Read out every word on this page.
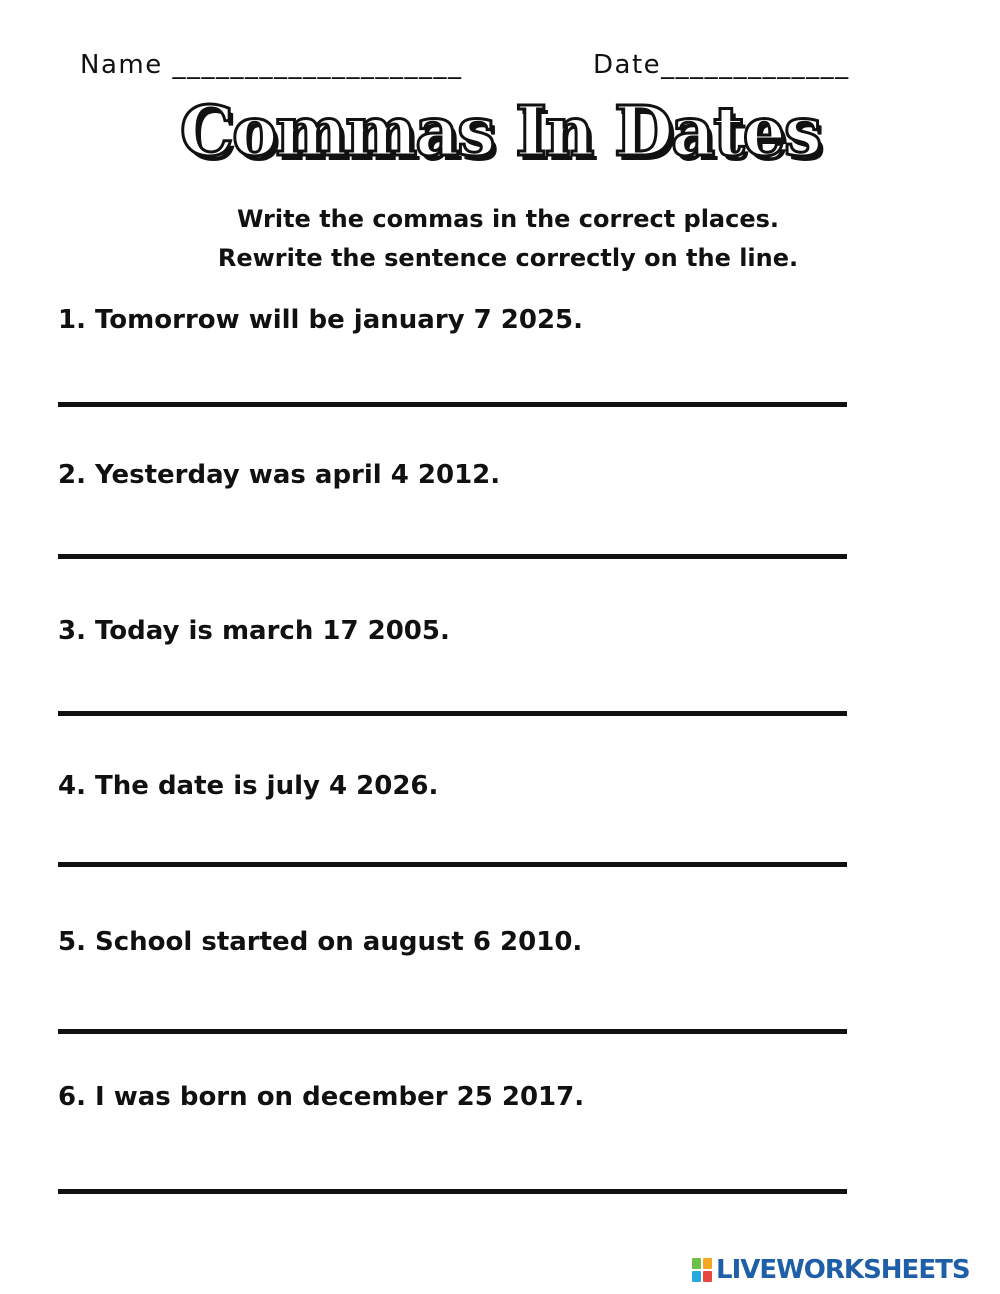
Name ____________________	Date_____________
Commas In Dates
Write the commas in the correct places.
Rewrite the sentence correctly on the line.
1. Tomorrow will be january 7 2025.
2. Yesterday was april 4 2012.
3. Today is march 17 2005.
4. The date is july 4 2026.
5. School started on august 6 2010.
6. I was born on december 25 2017.
LIVEWORKSHEETS
